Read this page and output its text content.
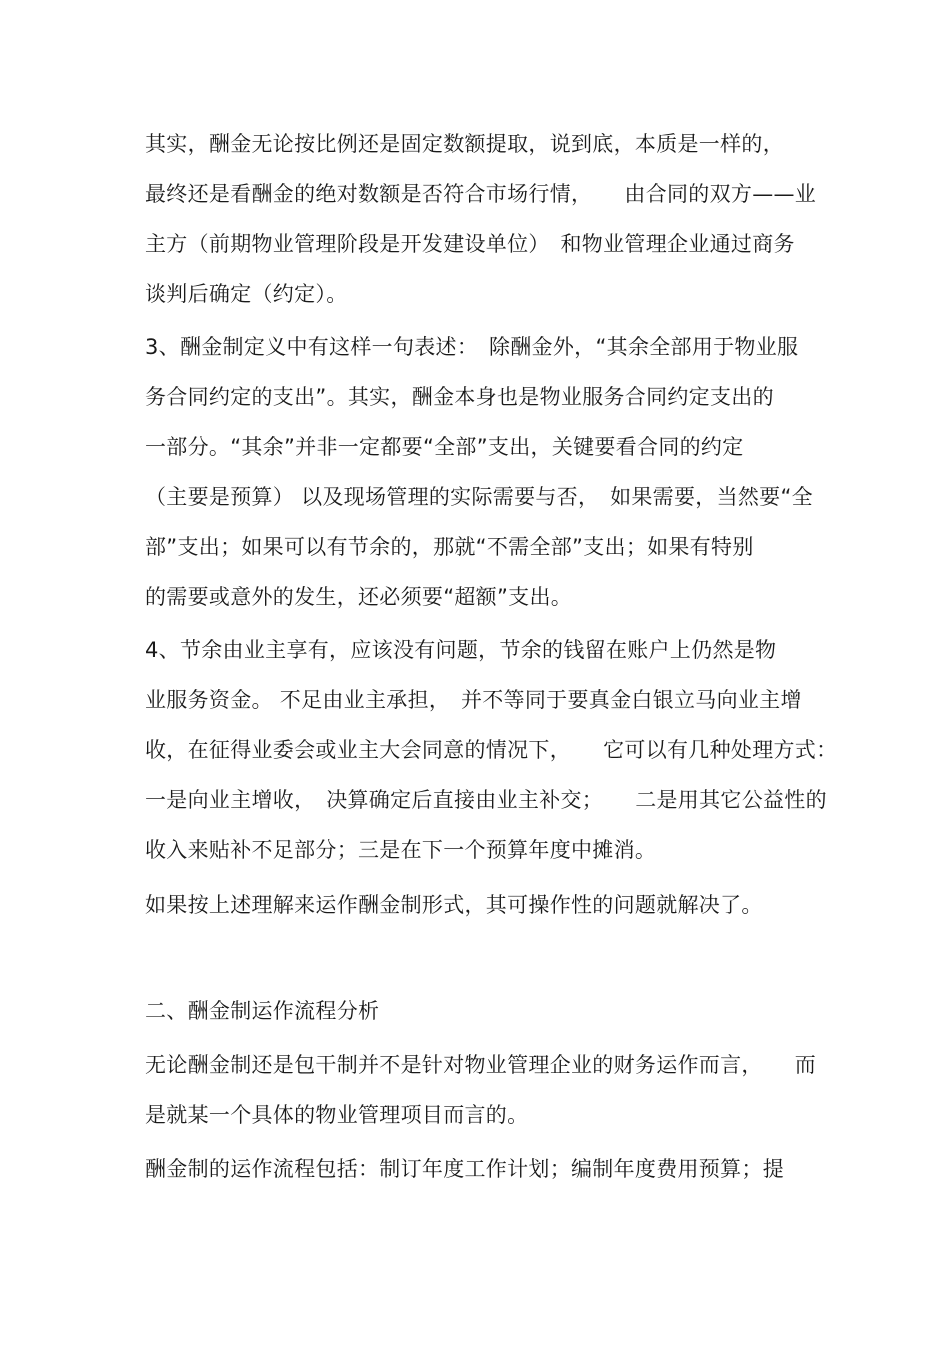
其实，酬金无论按比例还是固定数额提取，说到底，本质是一样的，
最终还是看酬金的绝对数额是否符合市场行情，　　由合同的双方——业
主方（前期物业管理阶段是开发建设单位）　和物业管理企业通过商务
谈判后确定（约定）。
3、酬金制定义中有这样一句表述：　除酬金外，“其余全部用于物业服
务合同约定的支出”。其实，酬金本身也是物业服务合同约定支出的
一部分。“其余”并非一定都要“全部”支出，关键要看合同的约定
（主要是预算） 以及现场管理的实际需要与否，　如果需要，当然要“全
部”支出；如果可以有节余的，那就“不需全部”支出；如果有特别
的需要或意外的发生，还必须要“超额”支出。
4、节余由业主享有，应该没有问题，节余的钱留在账户上仍然是物
业服务资金。 不足由业主承担，　并不等同于要真金白银立马向业主增
收，在征得业委会或业主大会同意的情况下，　　它可以有几种处理方式：
一是向业主增收，　决算确定后直接由业主补交；　　二是用其它公益性的
收入来贴补不足部分；三是在下一个预算年度中摊消。
如果按上述理解来运作酬金制形式，其可操作性的问题就解决了。
二、酬金制运作流程分析
无论酬金制还是包干制并不是针对物业管理企业的财务运作而言，　　而
是就某一个具体的物业管理项目而言的。
酬金制的运作流程包括：制订年度工作计划；编制年度费用预算；提
